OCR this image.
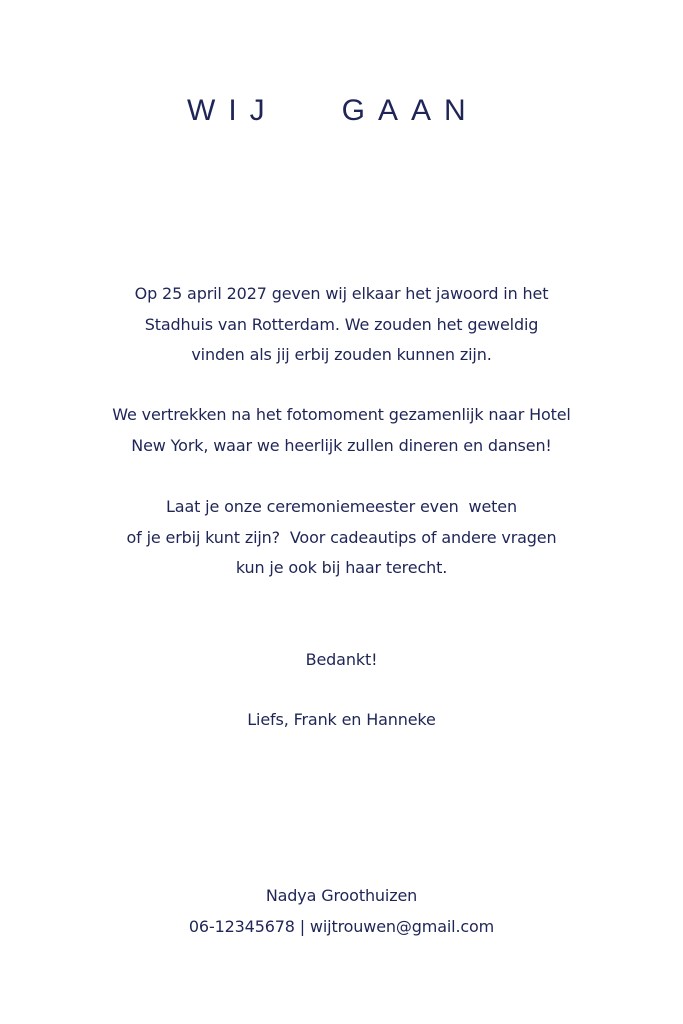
WIJ   GAAN
Op 25 april 2027 geven wij elkaar het jawoord in het
Stadhuis van Rotterdam. We zouden het geweldig
vinden als jij erbij zouden kunnen zijn.
We vertrekken na het fotomoment gezamenlijk naar Hotel
New York, waar we heerlijk zullen dineren en dansen!
Laat je onze ceremoniemeester even  weten
of je erbij kunt zijn?  Voor cadeautips of andere vragen
kun je ook bij haar terecht.
Bedankt!
Liefs, Frank en Hanneke
Nadya Groothuizen
06-12345678 | wijtrouwen@gmail.com
